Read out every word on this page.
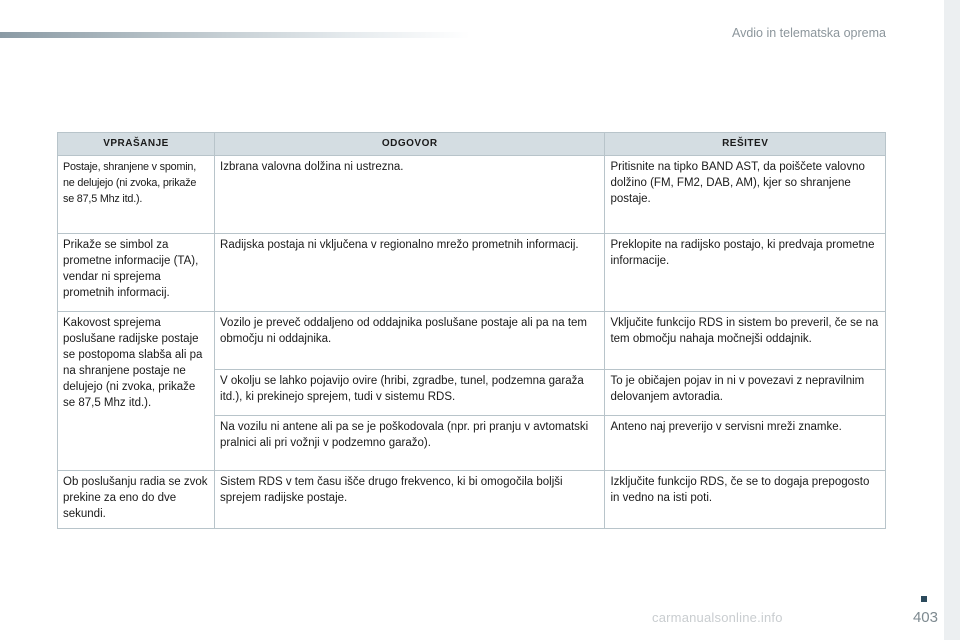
Avdio in telematska oprema
VPRAŠANJE	ODGOVOR	REŠITEV
Postaje, shranjene v spomin, ne delujejo (ni zvoka, prikaže se 87,5 Mhz itd.).	Izbrana valovna dolžina ni ustrezna.	Pritisnite na tipko BAND AST, da poiščete valovno dolžino (FM, FM2, DAB, AM), kjer so shranjene postaje.
Prikaže se simbol za prometne informacije (TA), vendar ni sprejema prometnih informacij.	Radijska postaja ni vključena v regionalno mrežo prometnih informacij.	Preklopite na radijsko postajo, ki predvaja prometne informacije.
Kakovost sprejema poslušane radijske postaje se postopoma slabša ali pa na shranjene postaje ne delujejo (ni zvoka, prikaže se 87,5 Mhz itd.).	Vozilo je preveč oddaljeno od oddajnika poslušane postaje ali pa na tem območju ni oddajnika.	Vključite funkcijo RDS in sistem bo preveril, če se na tem območju nahaja močnejši oddajnik.
	V okolju se lahko pojavijo ovire (hribi, zgradbe, tunel, podzemna garaža itd.), ki prekinejo sprejem, tudi v sistemu RDS.	To je običajen pojav in ni v povezavi z nepravilnim delovanjem avtoradia.
	Na vozilu ni antene ali pa se je poškodovala (npr. pri pranju v avtomatski pralnici ali pri vožnji v podzemno garažo).	Anteno naj preverijo v servisni mreži znamke.
Ob poslušanju radia se zvok prekine za eno do dve sekundi.	Sistem RDS v tem času išče drugo frekvenco, ki bi omogočila boljši sprejem radijske postaje.	Izklјučite funkcijo RDS, če se to dogaja prepogosto in vedno na isti poti.
403
carmanualsonline.info
